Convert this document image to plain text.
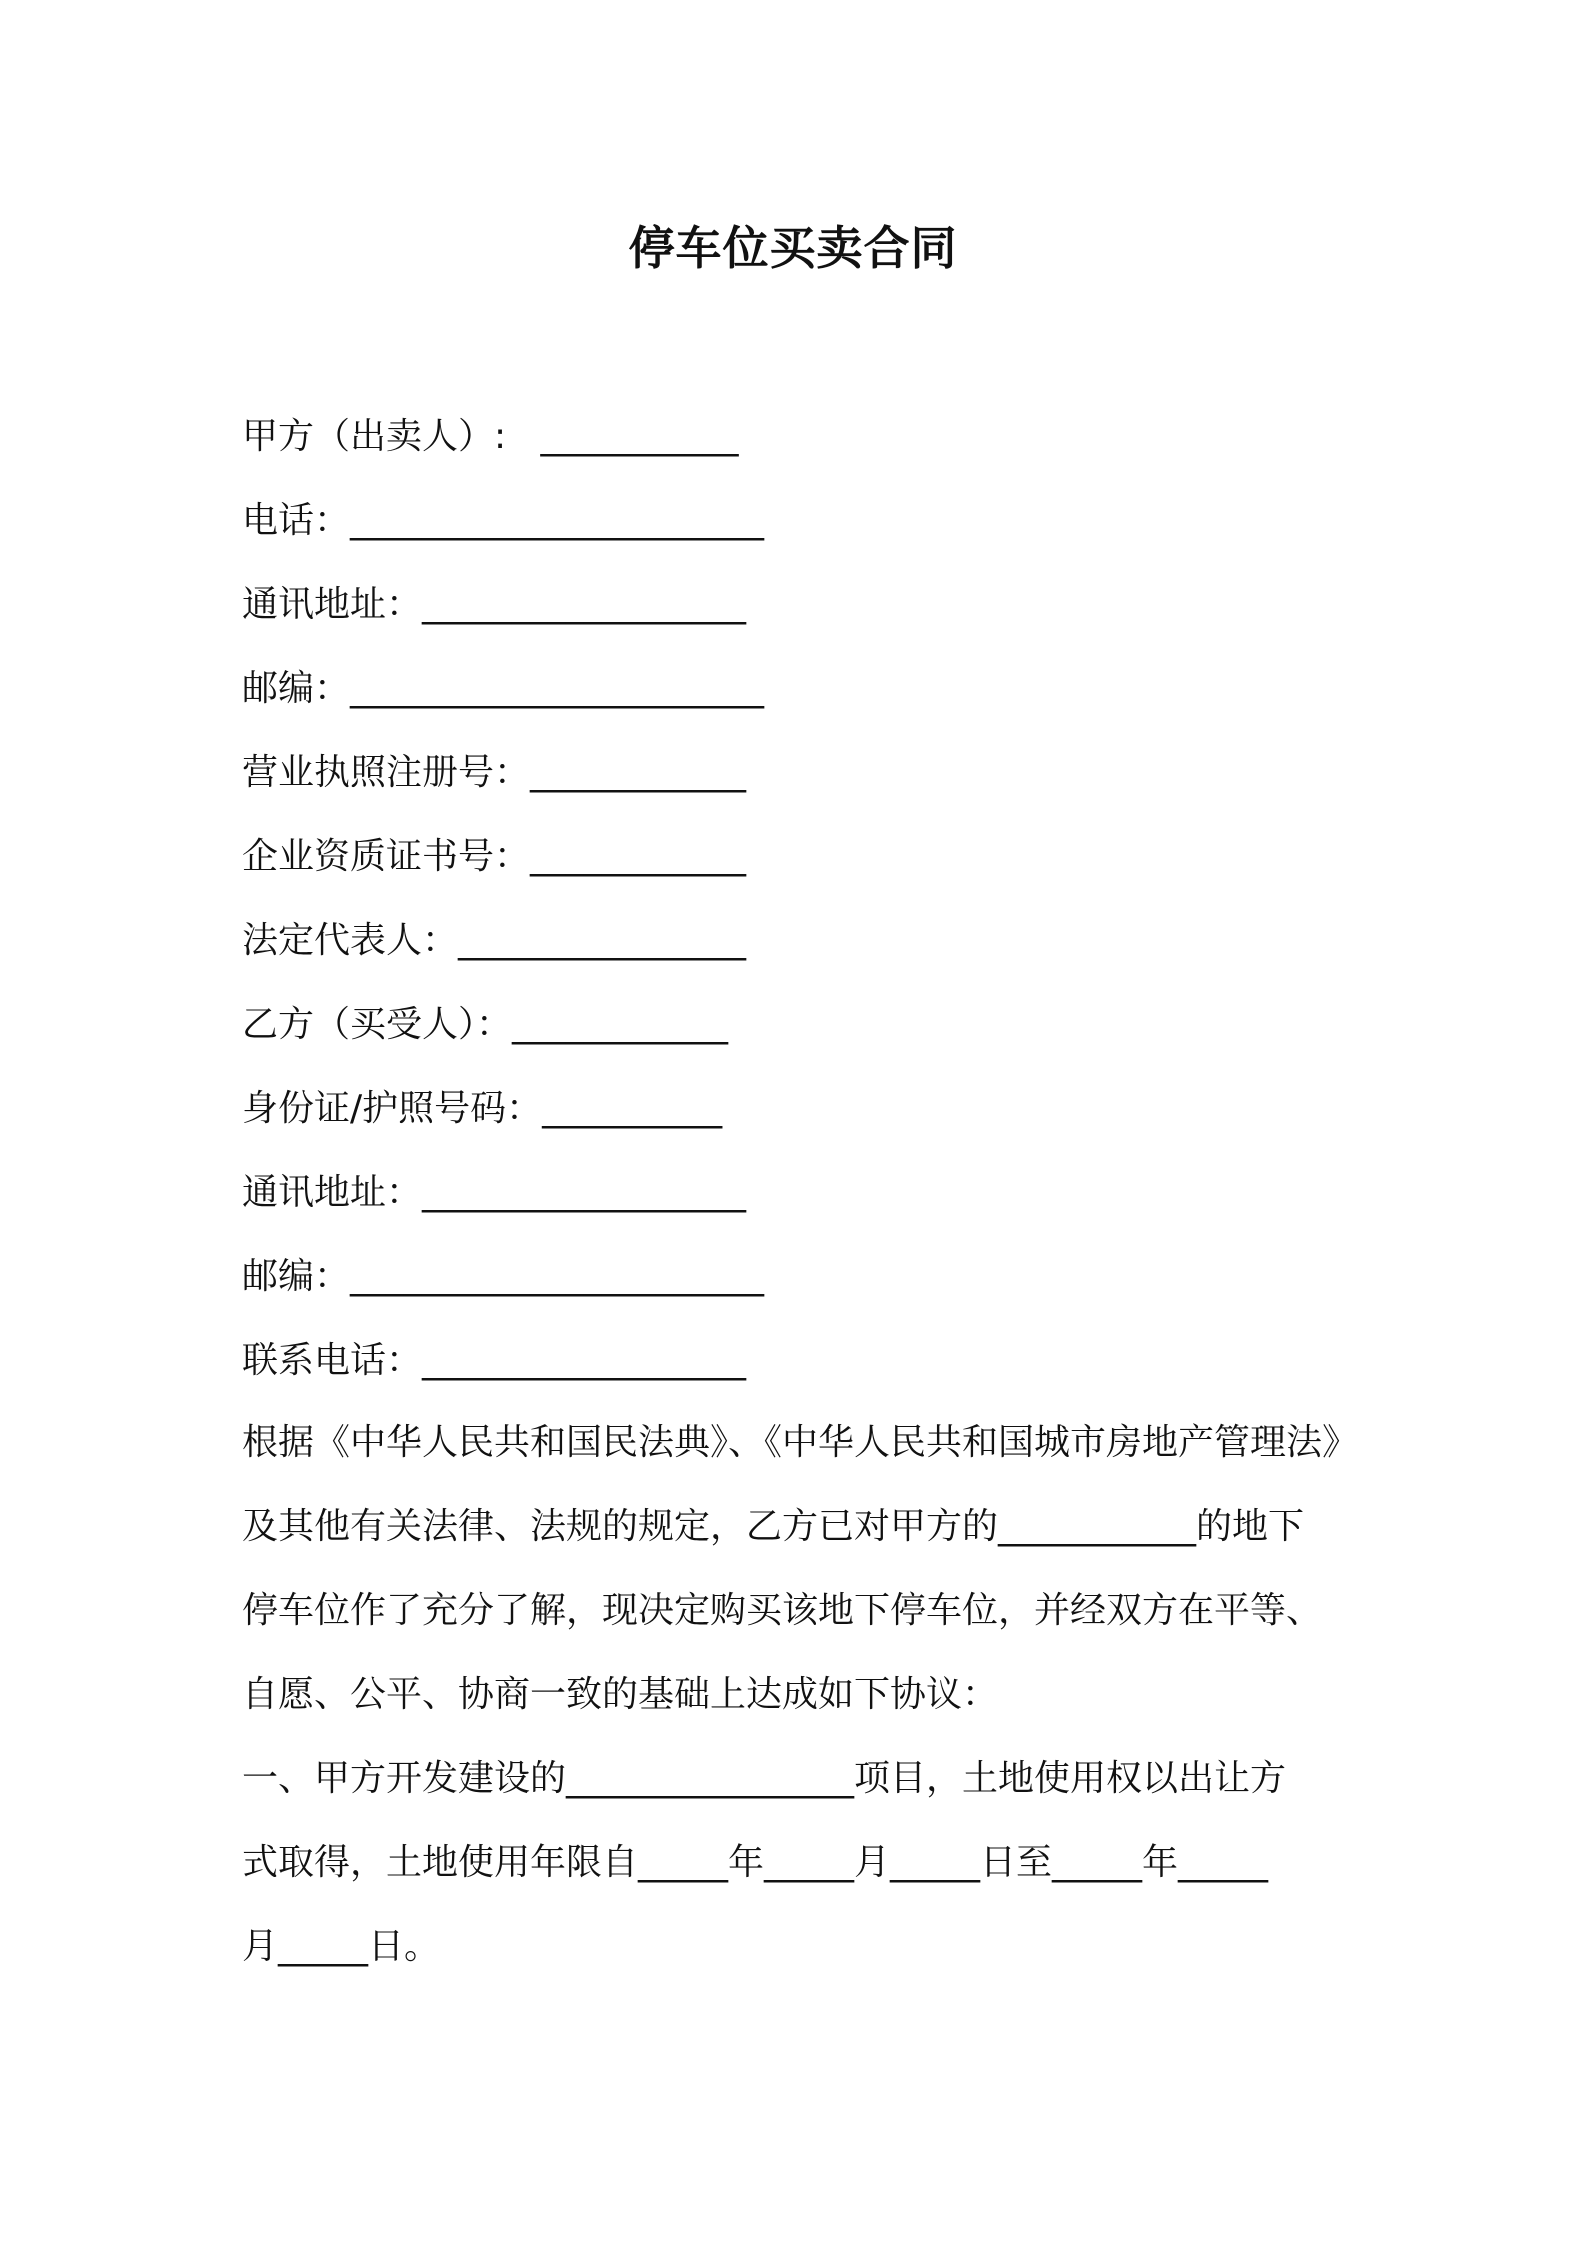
停车位买卖合同
甲方（出卖人）:   ___________
电话：_______________________
通讯地址：__________________
邮编：_______________________
营业执照注册号：____________
企业资质证书号：____________
法定代表人：________________
乙方（买受人）：____________
身份证/护照号码：__________
通讯地址：__________________
邮编：_______________________
联系电话：__________________
根据《中华人民共和国民法典》、《中华人民共和国城市房地产管理法》
及其他有关法律、法规的规定，乙方已对甲方的___________的地下
停车位作了充分了解，现决定购买该地下停车位，并经双方在平等、
自愿、公平、协商一致的基础上达成如下协议：
一、甲方开发建设的________________项目，土地使用权以出让方
式取得，土地使用年限自_____年_____月_____日至_____年_____
月_____日。
